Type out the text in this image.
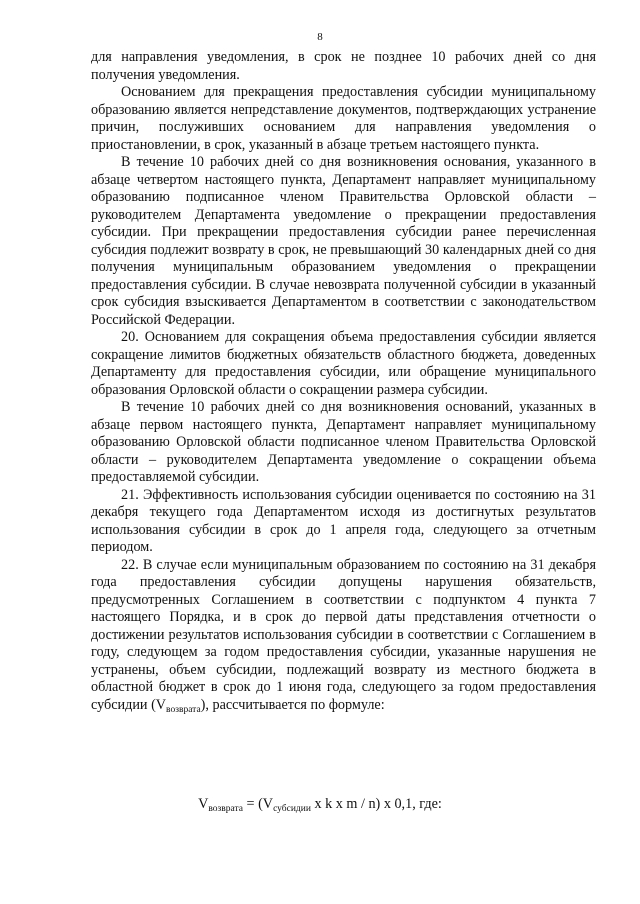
8

для направления уведомления, в срок не позднее 10 рабочих дней со дня получения уведомления.

Основанием для прекращения предоставления субсидии муниципальному образованию является непредставление документов, подтверждающих устранение причин, послуживших основанием для направления уведомления о приостановлении, в срок, указанный в абзаце третьем настоящего пункта.

В течение 10 рабочих дней со дня возникновения основания, указанного в абзаце четвертом настоящего пункта, Департамент направляет муниципальному образованию подписанное членом Правительства Орловской области – руководителем Департамента уведомление о прекращении предоставления субсидии. При прекращении предоставления субсидии ранее перечисленная субсидия подлежит возврату в срок, не превышающий 30 календарных дней со дня получения муниципальным образованием уведомления о прекращении предоставления субсидии. В случае невозврата полученной субсидии в указанный срок субсидия взыскивается Департаментом в соответствии с законодательством Российской Федерации.

20. Основанием для сокращения объема предоставления субсидии является сокращение лимитов бюджетных обязательств областного бюджета, доведенных Департаменту для предоставления субсидии, или обращение муниципального образования Орловской области о сокращении размера субсидии.

В течение 10 рабочих дней со дня возникновения оснований, указанных в абзаце первом настоящего пункта, Департамент направляет муниципальному образованию Орловской области подписанное членом Правительства Орловской области – руководителем Департамента уведомление о сокращении объема предоставляемой субсидии.

21. Эффективность использования субсидии оценивается по состоянию на 31 декабря текущего года Департаментом исходя из достигнутых результатов использования субсидии в срок до 1 апреля года, следующего за отчетным периодом.

22. В случае если муниципальным образованием по состоянию на 31 декабря года предоставления субсидии допущены нарушения обязательств, предусмотренных Соглашением в соответствии с подпунктом 4 пункта 7 настоящего Порядка, и в срок до первой даты представления отчетности о достижении результатов использования субсидии в соответствии с Соглашением в году, следующем за годом предоставления субсидии, указанные нарушения не устранены, объем субсидии, подлежащий возврату из местного бюджета в областной бюджет в срок до 1 июня года, следующего за годом предоставления субсидии $(V_{возврата})$, рассчитывается по формуле:

$V_{возврата} = (V_{субсидии}$ x k x m / n) x 0,1, где:
